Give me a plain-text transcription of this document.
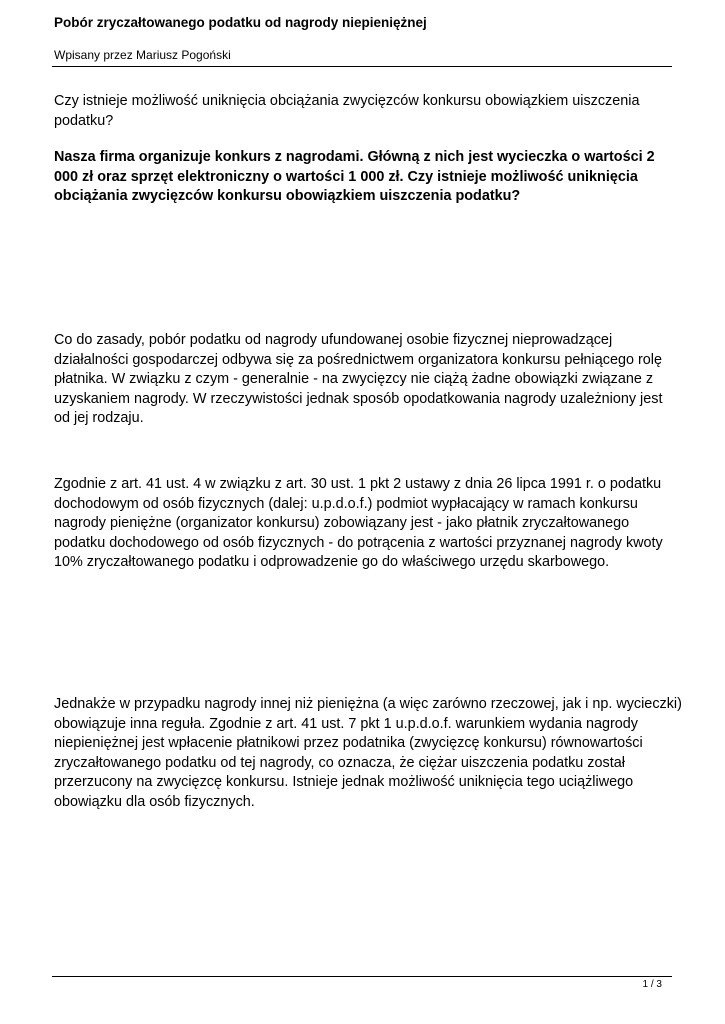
Pobór zryczałtowanego podatku od nagrody niepieniężnej
Wpisany przez Mariusz Pogoński

Czy istnieje możliwość uniknięcia obciążania zwycięzców konkursu obowiązkiem uiszczenia podatku?

Nasza firma organizuje konkurs z nagrodami. Główną z nich jest wycieczka o wartości 2 000 zł oraz sprzęt elektroniczny o wartości 1 000 zł. Czy istnieje możliwość uniknięcia obciążania zwycięzców konkursu obowiązkiem uiszczenia podatku?

Co do zasady, pobór podatku od nagrody ufundowanej osobie fizycznej nieprowadzącej działalności gospodarczej odbywa się za pośrednictwem organizatora konkursu pełniącego rolę płatnika. W związku z czym - generalnie - na zwycięzcy nie ciążą żadne obowiązki związane z uzyskaniem nagrody. W rzeczywistości jednak sposób opodatkowania nagrody uzależniony jest od jej rodzaju.

Zgodnie z art. 41 ust. 4 w związku z art. 30 ust. 1 pkt 2 ustawy z dnia 26 lipca 1991 r. o podatku dochodowym od osób fizycznych (dalej: u.p.d.o.f.) podmiot wypłacający w ramach konkursu nagrody pieniężne (organizator konkursu) zobowiązany jest - jako płatnik zryczałtowanego podatku dochodowego od osób fizycznych - do potrącenia z wartości przyznanej nagrody kwoty 10% zryczałtowanego podatku i odprowadzenie go do właściwego urzędu skarbowego.

Jednakże w przypadku nagrody innej niż pieniężna (a więc zarówno rzeczowej, jak i np. wycieczki) obowiązuje inna reguła. Zgodnie z art. 41 ust. 7 pkt 1 u.p.d.o.f. warunkiem wydania nagrody niepieniężnej jest wpłacenie płatnikowi przez podatnika (zwycięzcę konkursu) równowartości zryczałtowanego podatku od tej nagrody, co oznacza, że ciężar uiszczenia podatku został przerzucony na zwycięzcę konkursu. Istnieje jednak możliwość uniknięcia tego uciążliwego obowiązku dla osób fizycznych.

1 / 3
